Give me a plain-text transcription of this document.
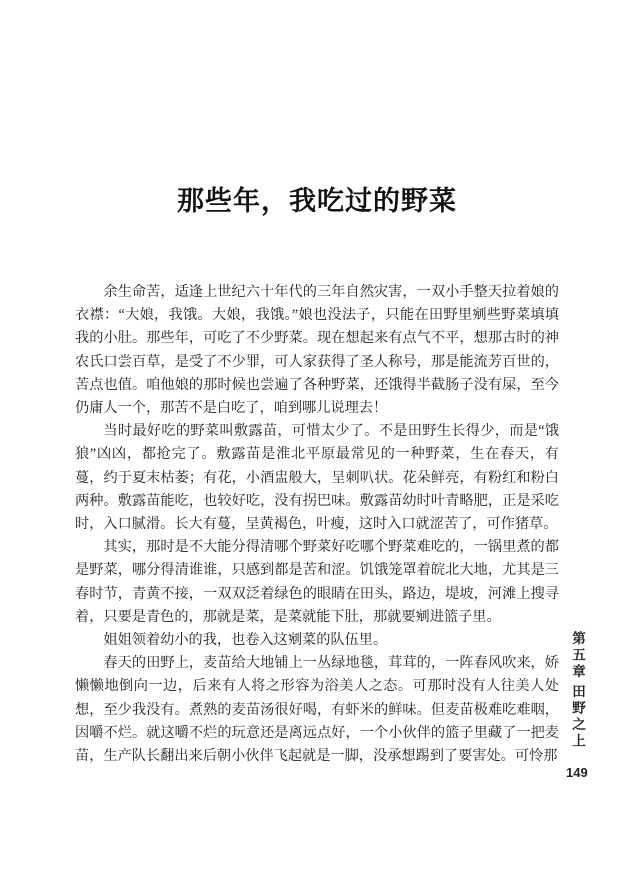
那些年，我吃过的野菜

余生命苦，适逢上世纪六十年代的三年自然灾害，一双小手整天拉着娘的衣襟：“大娘，我饿。大娘，我饿。”娘也没法子，只能在田野里剜些野菜填填我的小肚。那些年，可吃了不少野菜。现在想起来有点气不平，想那古时的神农氏口尝百草，是受了不少罪，可人家获得了圣人称号，那是能流芳百世的，苦点也值。咱他娘的那时候也尝遍了各种野菜，还饿得半截肠子没有屎，至今仍庸人一个，那苦不是白吃了，咱到哪儿说理去！

当时最好吃的野菜叫敷露苗，可惜太少了。不是田野生长得少，而是“饿狼”凶凶，都抢完了。敷露苗是淮北平原最常见的一种野菜，生在春天，有蔓，约于夏末枯萎；有花，小酒盅般大，呈刺叭状。花朵鲜亮，有粉红和粉白两种。敷露苗能吃，也较好吃，没有拐巴味。敷露苗幼时叶青略肥，正是采吃时，入口腻滑。长大有蔓，呈黄褐色，叶瘦，这时入口就涩苦了，可作猪草。

其实，那时是不大能分得清哪个野菜好吃哪个野菜难吃的，一锅里煮的都是野菜，哪分得清谁谁，只感到都是苦和涩。饥饿笼罩着皖北大地，尤其是三春时节，青黄不接，一双双泛着绿色的眼睛在田头，路边，堤坡，河滩上搜寻着，只要是青色的，那就是菜，是菜就能下肚，那就要剜进篮子里。

姐姐领着幼小的我，也卷入这剜菜的队伍里。

春天的田野上，麦苗给大地铺上一丛绿地毯，茸茸的，一阵春风吹来，娇懒懒地倒向一边，后来有人将之形容为浴美人之态。可那时没有人往美人处想，至少我没有。煮熟的麦苗汤很好喝，有虾米的鲜味。但麦苗极难吃难咽，因嚼不烂。就这嚼不烂的玩意还是离远点好，一个小伙伴的篮子里藏了一把麦苗，生产队长翻出来后朝小伙伴飞起就是一脚，没承想踢到了要害处。可怜那

第五章
田野之上
149
